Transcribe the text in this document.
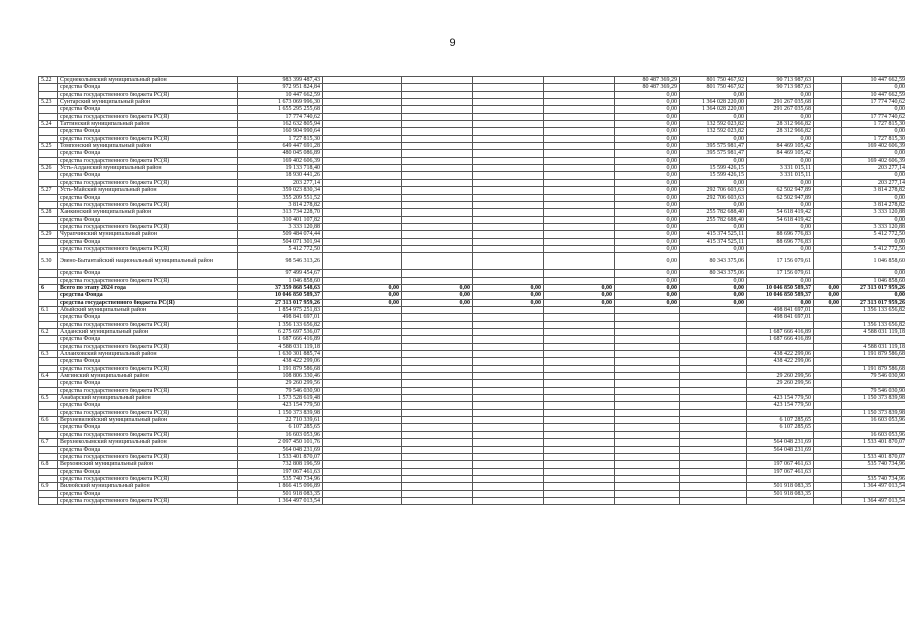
9
5.22	Среднеколымский муниципальный район	983 399 487,43					80 487 369,29	801 750 467,92	90 713 987,63		10 447 662,59
	средства Фонда	972 951 824,84					80 487 369,29	801 750 467,92	90 713 987,63		0,00
	средства государственного бюджета РС(Я)	10 447 662,59					0,00	0,00	0,00		10 447 662,59
5.23	Сунтарский муниципальный район	1 673 069 996,30					0,00	1 364 028 220,00	291 267 035,68		17 774 740,62
	средства Фонда	1 655 295 255,68					0,00	1 364 028 220,00	291 267 035,68		0,00
	средства государственного бюджета РС(Я)	17 774 740,62					0,00	0,00	0,00		17 774 740,62
5.24	Таттинский муниципальный район	162 632 805,94					0,00	132 592 023,82	28 312 966,82		1 727 815,30
	средства Фонда	160 904 990,64					0,00	132 592 023,82	28 312 966,82		0,00
	средства государственного бюджета РС(Я)	1 727 815,30					0,00	0,00	0,00		1 727 815,30
5.25	Томпонский муниципальный район	649 447 691,28					0,00	395 575 981,47	84 469 105,42		169 402 606,39
	средства Фонда	480 045 086,89					0,00	395 575 981,47	84 469 105,42		0,00
	средства государственного бюджета РС(Я)	169 402 606,39					0,00	0,00	0,00		169 402 606,39
5.26	Усть-Алданский муниципальный район	19 133 718,40					0,00	15 599 426,15	3 331 015,11		203 277,14
	средства Фонда	18 930 441,26					0,00	15 599 426,15	3 331 015,11		0,00
	средства государственного бюджета РС(Я)	203 277,14					0,00	0,00	0,00		203 277,14
5.27	Усть-Майский муниципальный район	359 023 830,34					0,00	292 706 603,63	62 502 947,89		3 814 278,82
	средства Фонда	355 209 551,52					0,00	292 706 603,63	62 502 947,89		0,00
	средства государственного бюджета РС(Я)	3 814 278,82					0,00	0,00	0,00		3 814 278,82
5.28	Ханкинский муниципальный район	313 734 228,70					0,00	255 782 688,40	54 618 419,42		3 333 120,88
	средства Фонда	310 401 107,82					0,00	255 782 688,40	54 618 419,42		0,00
	средства государственного бюджета РС(Я)	3 333 120,88					0,00	0,00	0,00		3 333 120,88
5.29	Чурапчинский муниципальный район	509 484 074,44					0,00	415 374 525,11	88 696 776,83		5 412 772,50
	средства Фонда	504 071 301,94					0,00	415 374 525,11	88 696 776,83		0,00
	средства государственного бюджета РС(Я)	5 412 772,50					0,00	0,00	0,00		5 412 772,50
5.30	Эвено-Бытантайский национальный муниципальный район	98 546 313,26					0,00	80 343 375,06	17 156 079,61		1 046 858,60
	средства Фонда	97 499 454,67					0,00	80 343 375,06	17 156 079,61		0,00
	средства государственного бюджета РС(Я)	1 046 858,60					0,00	0,00	0,00		1 046 858,60
6	Всего по этапу 2024 года	37 359 868 548,63	0,00	0,00	0,00	0,00	0,00	0,00	10 046 850 589,37	0,00	27 313 017 959,26
	средства Фонда	10 046 850 589,37	0,00	0,00	0,00	0,00	0,00	0,00	10 046 850 589,37	0,00	0,00
	средства государственного бюджета РС(Я)	27 313 017 959,26	0,00	0,00	0,00	0,00	0,00	0,00	0,00	0,00	27 313 017 959,26
6.1	Абыйский муниципальный район	1 854 975 251,83							498 841 697,01		1 356 133 656,82
	средства Фонда	498 841 697,01							498 841 697,01		
	средства государственного бюджета РС(Я)	1 356 133 656,82									1 356 133 656,82
6.2	Алданский муниципальный район	6 275 697 536,07							1 687 666 416,89		4 588 031 119,18
	средства Фонда	1 687 666 416,89							1 687 666 416,89		
	средства государственного бюджета РС(Я)	4 588 031 119,18									4 588 031 119,18
6.3	Аллаиховский муниципальный район	1 630 301 885,74							438 422 299,06		1 191 879 586,68
	средства Фонда	438 422 299,06							438 422 299,06		
	средства государственного бюджета РС(Я)	1 191 879 586,68									1 191 879 586,68
6.4	Амгинский муниципальный район	108 806 330,46							29 260 299,56		79 546 030,90
	средства Фонда	29 260 299,56							29 260 299,56		
	средства государственного бюджета РС(Я)	79 546 030,90									79 546 030,90
6.5	Анабарский муниципальный район	1 573 528 619,48							423 154 779,50		1 150 373 839,98
	средства Фонда	423 154 779,50							423 154 779,50		
	средства государственного бюджета РС(Я)	1 150 373 839,98									1 150 373 839,98
6.6	Верхневилюйский муниципальный район	22 710 339,61							6 107 285,65		16 603 053,96
	средства Фонда	6 107 285,65							6 107 285,65		
	средства государственного бюджета РС(Я)	16 603 053,96									16 603 053,96
6.7	Верхнеколымский муниципальный район	2 097 450 101,76							564 048 231,69		1 533 401 870,07
	средства Фонда	564 048 231,69							564 048 231,69		
	средства государственного бюджета РС(Я)	1 533 401 870,07									1 533 401 870,07
6.8	Верхоянский муниципальный район	732 808 196,59							197 067 461,63		535 740 734,96
	средства Фонда	197 067 461,63							197 067 461,63		
	средства государственного бюджета РС(Я)	535 740 734,96									535 740 734,96
6.9	Вилюйский муниципальный район	1 866 415 096,89							501 918 083,35		1 364 497 013,54
	средства Фонда	501 918 083,35							501 918 083,35		
	средства государственного бюджета РС(Я)	1 364 497 013,54									1 364 497 013,54
